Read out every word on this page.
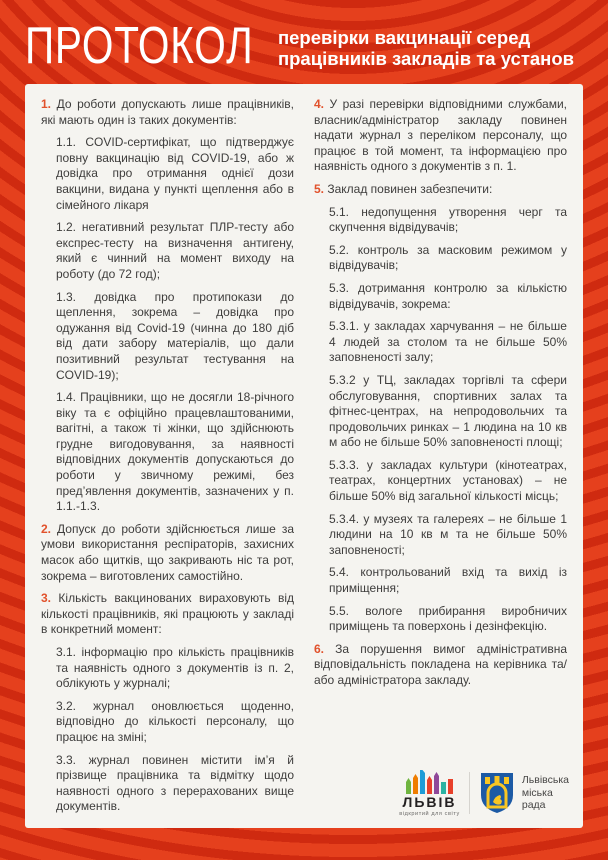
ПРОТОКОЛ перевірки вакцинації серед
працівників закладів та установ

1. До роботи допускають лише працівників, які мають один із таких документів:

1.1. COVID-сертифікат, що підтверджує повну вакцинацію від COVID-19, або ж довідка про отримання однієї дози вакцини, видана у пункті щеплення або в сімейного лікаря

1.2. негативний результат ПЛР-тесту або експрес-тесту на визначення антигену, який є чинний на момент виходу на роботу (до 72 год);

1.3. довідка про протипокази до щеплення, зокрема – довідка про одужання від Covid-19 (чинна до 180 діб від дати забору матеріалів, що дали позитивний результат тестування на COVID-19);

1.4. Працівники, що не досягли 18-річного віку та є офіційно працевлаштованими, вагітні, а також ті жінки, що здійснюють грудне вигодовування, за наявності відповідних документів допускаються до роботи у звичному режимі, без пред’явлення документів, зазначених у п. 1.1.-1.3.

2. Допуск до роботи здійснюється лише за умови використання респіраторів, захисних масок або щитків, що закривають ніс та рот, зокрема – виготовлених самостійно.

3. Кількість вакцинованих вираховують від кількості працівників, які працюють у закладі в конкретний момент:

3.1. інформацію про кількість працівників та наявність одного з документів із п. 2, облікують у журналі;

3.2. журнал оновлюється щоденно, відповідно до кількості персоналу, що працює на зміні;

3.3. журнал повинен містити ім’я й прізвище працівника та відмітку щодо наявності одного з перерахованих вище документів.

4. У разі перевірки відповідними службами, власник/адміністратор закладу повинен надати журнал з переліком персоналу, що працює в той момент, та інформацією про наявність одного з документів з п. 1.

5. Заклад повинен забезпечити:

5.1. недопущення утворення черг та скупчення відвідувачів;

5.2. контроль за масковим режимом у відвідувачів;

5.3. дотримання контролю за кількістю відвідувачів, зокрема:

5.3.1. у закладах харчування – не більше 4 людей за столом та не більше 50% заповненості залу;

5.3.2 у ТЦ, закладах торгівлі та сфери обслуговування, спортивних залах та фітнес-центрах, на непродовольчих та продовольчих ринках – 1 людина на 10 кв м або не більше 50% заповненості площі;

5.3.3. у закладах культури (кінотеатрах, театрах, концертних установах) – не більше 50% від загальної кількості місць;

5.3.4. у музеях та галереях – не більше 1 людини на 10 кв м та не більше 50% заповненості;

5.4. контрольований вхід та вихід із приміщення;

5.5. вологе прибирання виробничих приміщень та поверхонь і дезінфекцію.

6. За порушення вимог адміністративна відповідальність покладена на керівника та/або адміністратора закладу.

ЛЬВІВ
відкритий для світу
Львівська
міська
рада
